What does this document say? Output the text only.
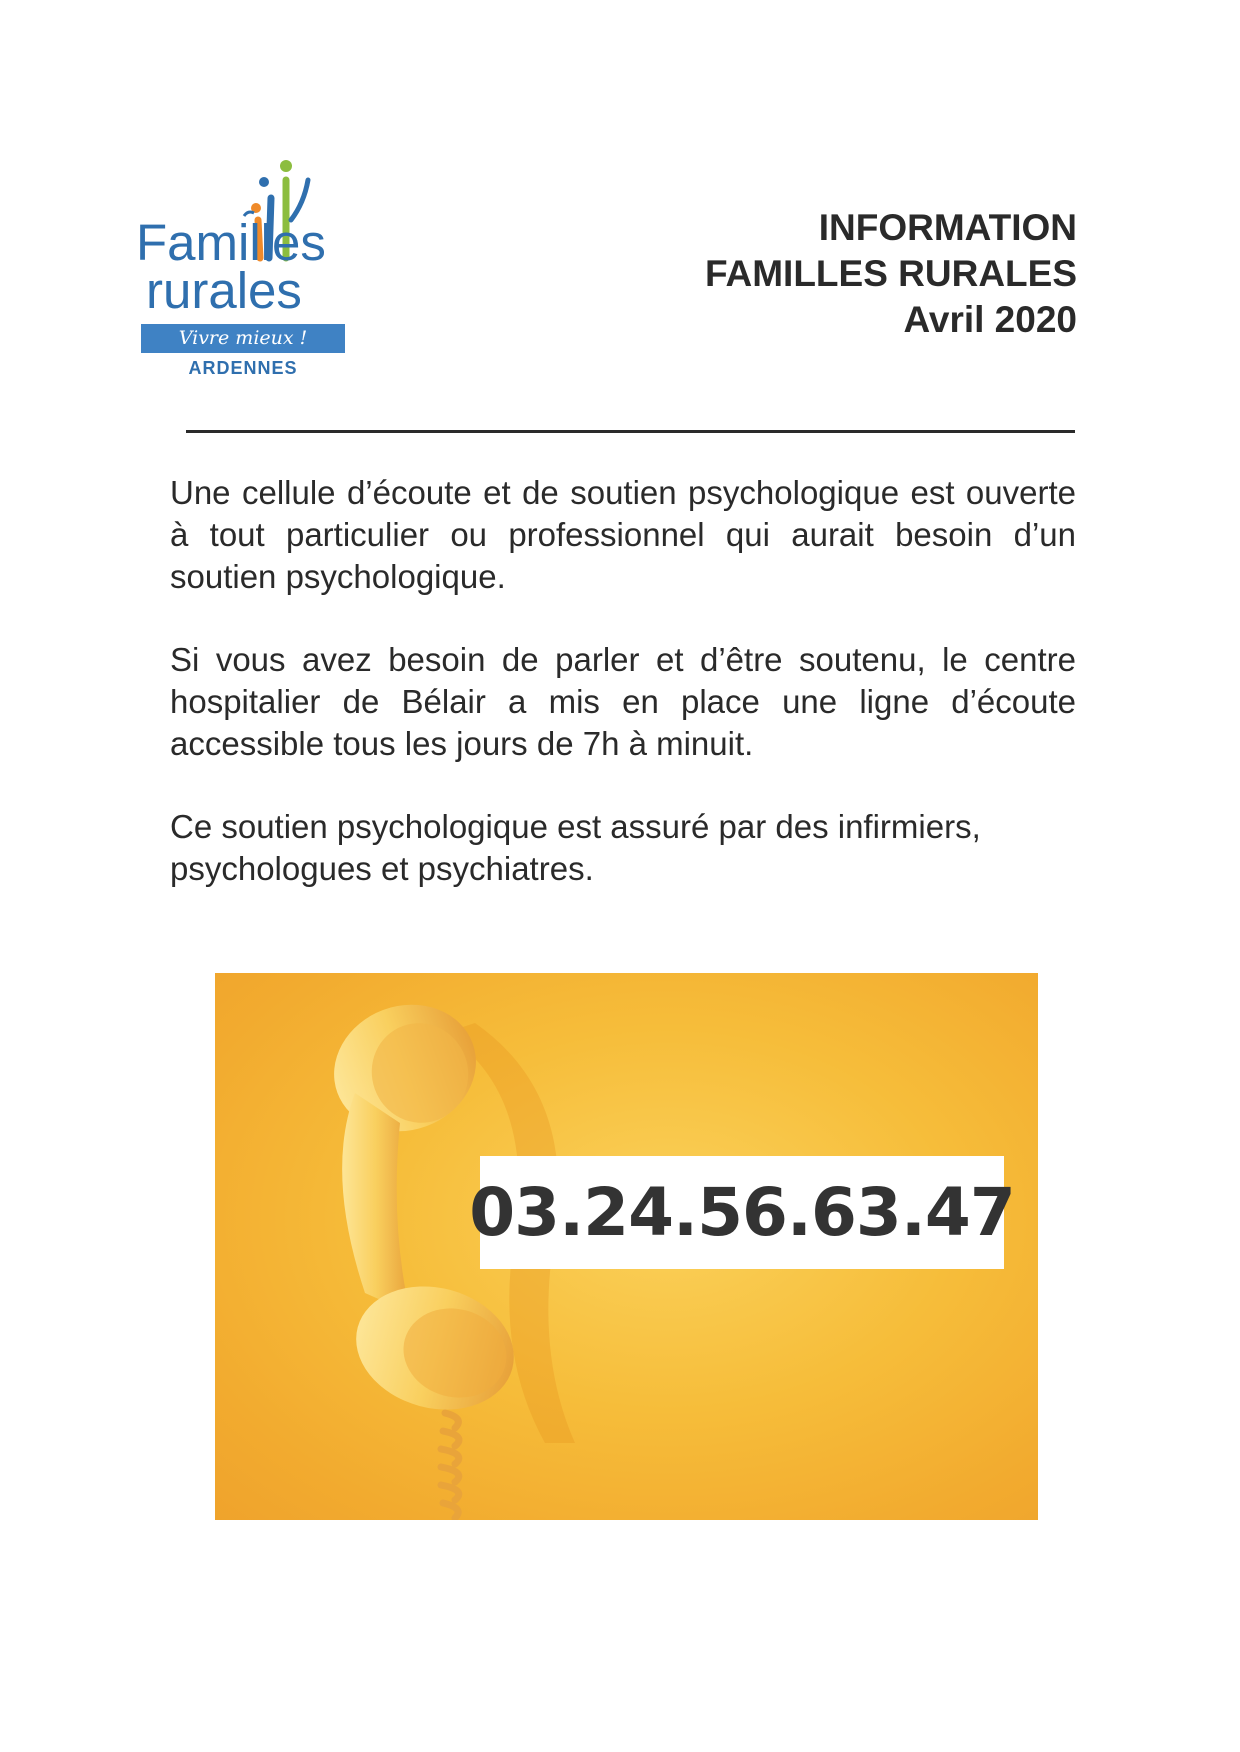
Familles
rurales
Vivre mieux !
ARDENNES
INFORMATION
FAMILLES RURALES
Avril 2020

Une cellule d’écoute et de soutien psychologique est ouverte à tout particulier ou professionnel qui aurait besoin d’un soutien psychologique.

Si vous avez besoin de parler et d’être soutenu, le centre hospitalier de Bélair a mis en place une ligne d’écoute accessible tous les jours de 7h à minuit.

Ce soutien psychologique est assuré par des infirmiers, psychologues et psychiatres.

03.24.56.63.47
